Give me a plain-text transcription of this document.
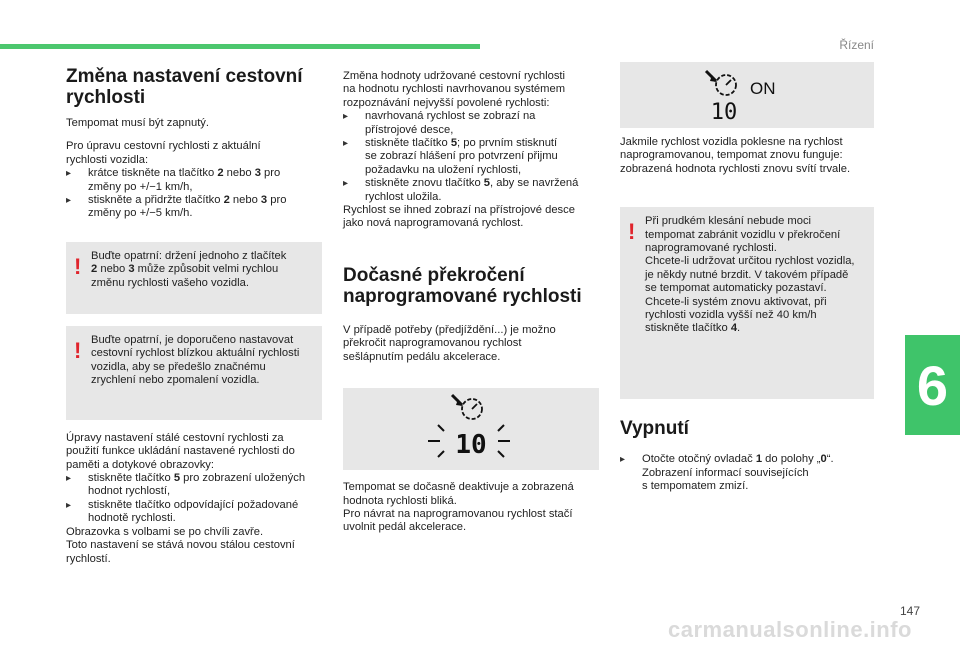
Řízení
6
147
carmanualsonline.info
Změna nastavení cestovní
rychlosti

Tempomat musí být zapnutý.

Pro úpravu cestovní rychlosti z aktuální
rychlosti vozidla:

▸ krátce tiskněte na tlačítko 2 nebo 3 pro
změny po +/−1 km/h,
▸ stiskněte a přidržte tlačítko 2 nebo 3 pro
změny po +/−5 km/h.
! Buďte opatrní: držení jednoho z tlačítek
2 nebo 3 může způsobit velmi rychlou
změnu rychlosti vašeho vozidla.

! Buďte opatrní, je doporučeno nastavovat
cestovní rychlost blízkou aktuální rychlosti
vozidla, aby se předešlo značnému
zrychlení nebo zpomalení vozidla.

Úpravy nastavení stálé cestovní rychlosti za
použití funkce ukládání nastavené rychlosti do
paměti a dotykové obrazovky:

▸ stiskněte tlačítko 5 pro zobrazení uložených
hodnot rychlostí,
▸ stiskněte tlačítko odpovídající požadované
hodnotě rychlosti.

Obrazovka s volbami se po chvíli zavře.
Toto nastavení se stává novou stálou cestovní
rychlostí.

Změna hodnoty udržované cestovní rychlosti
na hodnotu rychlosti navrhovanou systémem
rozpoznávání nejvyšší povolené rychlosti:

▸ navrhovaná rychlost se zobrazí na
přístrojové desce,
▸ stiskněte tlačítko 5; po prvním stisknutí
se zobrazí hlášení pro potvrzení přijmu
požadavku na uložení rychlosti,
▸ stiskněte znovu tlačítko 5, aby se navržená
rychlost uložila.

Rychlost se ihned zobrazí na přístrojové desce
jako nová naprogramovaná rychlost.

Dočasné překročení
naprogramované rychlosti

V případě potřeby (předjíždění...) je možno
překročit naprogramovanou rychlost
sešlápnutím pedálu akcelerace.

10

Tempomat se dočasně deaktivuje a zobrazená
hodnota rychlosti bliká.
Pro návrat na naprogramovanou rychlost stačí
uvolnit pedál akcelerace.

ON
10

Jakmile rychlost vozidla poklesne na rychlost
naprogramovanou, tempomat znovu funguje:
zobrazená hodnota rychlosti znovu svítí trvale.

! Při prudkém klesání nebude moci
tempomat zabránit vozidlu v překročení
naprogramované rychlosti.
Chcete-li udržovat určitou rychlost vozidla,
je někdy nutné brzdit. V takovém případě
se tempomat automaticky pozastaví.
Chcete-li systém znovu aktivovat, při
rychlosti vozidla vyšší než 40 km/h
stiskněte tlačítko 4.

Vypnutí
▸ Otočte otočný ovladač 1 do polohy „0“.
Zobrazení informací souvisejících
s tempomatem zmizí.
